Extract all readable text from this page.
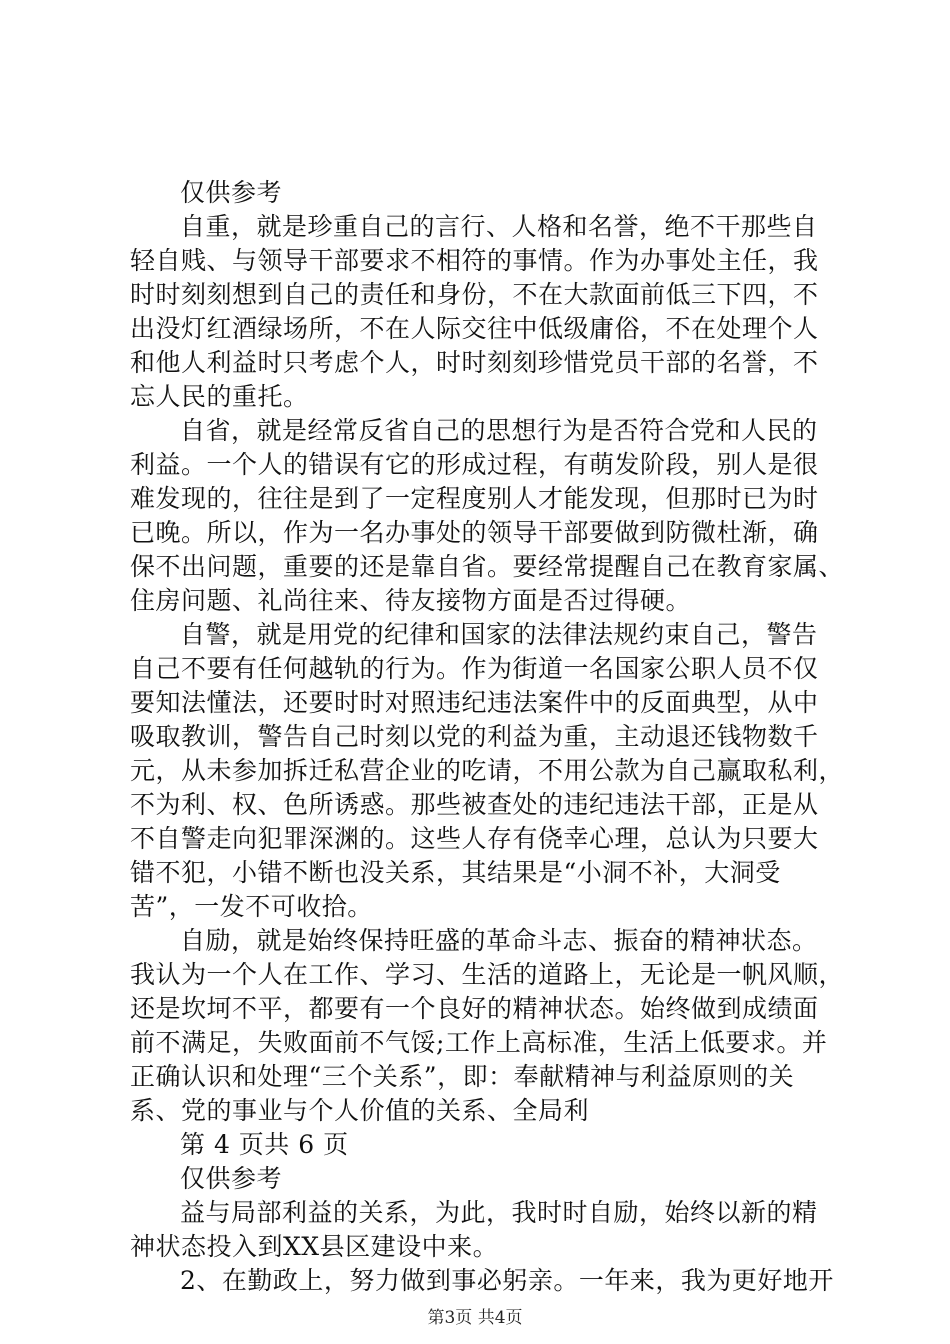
仅供参考
自重，就是珍重自己的言行、人格和名誉，绝不干那些自
轻自贱、与领导干部要求不相符的事情。作为办事处主任，我
时时刻刻想到自己的责任和身份，不在大款面前低三下四，不
出没灯红酒绿场所，不在人际交往中低级庸俗，不在处理个人
和他人利益时只考虑个人，时时刻刻珍惜党员干部的名誉，不
忘人民的重托。
自省，就是经常反省自己的思想行为是否符合党和人民的
利益。一个人的错误有它的形成过程，有萌发阶段，别人是很
难发现的，往往是到了一定程度别人才能发现，但那时已为时
已晚。所以，作为一名办事处的领导干部要做到防微杜渐，确
保不出问题，重要的还是靠自省。要经常提醒自己在教育家属、
住房问题、礼尚往来、待友接物方面是否过得硬。
自警，就是用党的纪律和国家的法律法规约束自己，警告
自己不要有任何越轨的行为。作为街道一名国家公职人员不仅
要知法懂法，还要时时对照违纪违法案件中的反面典型，从中
吸取教训，警告自己时刻以党的利益为重，主动退还钱物数千
元，从未参加拆迁私营企业的吃请，不用公款为自己赢取私利，
不为利、权、色所诱惑。那些被查处的违纪违法干部，正是从
不自警走向犯罪深渊的。这些人存有侥幸心理，总认为只要大
错不犯，小错不断也没关系，其结果是“小洞不补，大洞受
苦”，一发不可收拾。
自励，就是始终保持旺盛的革命斗志、振奋的精神状态。
我认为一个人在工作、学习、生活的道路上，无论是一帆风顺，
还是坎坷不平，都要有一个良好的精神状态。始终做到成绩面
前不满足，失败面前不气馁;工作上高标准，生活上低要求。并
正确认识和处理“三个关系”，即：奉献精神与利益原则的关
系、党的事业与个人价值的关系、全局利
第 4 页共 6 页
仅供参考
益与局部利益的关系，为此，我时时自励，始终以新的精
神状态投入到XX县区建设中来。
2、在勤政上，努力做到事必躬亲。一年来，我为更好地开
第3页 共4页
